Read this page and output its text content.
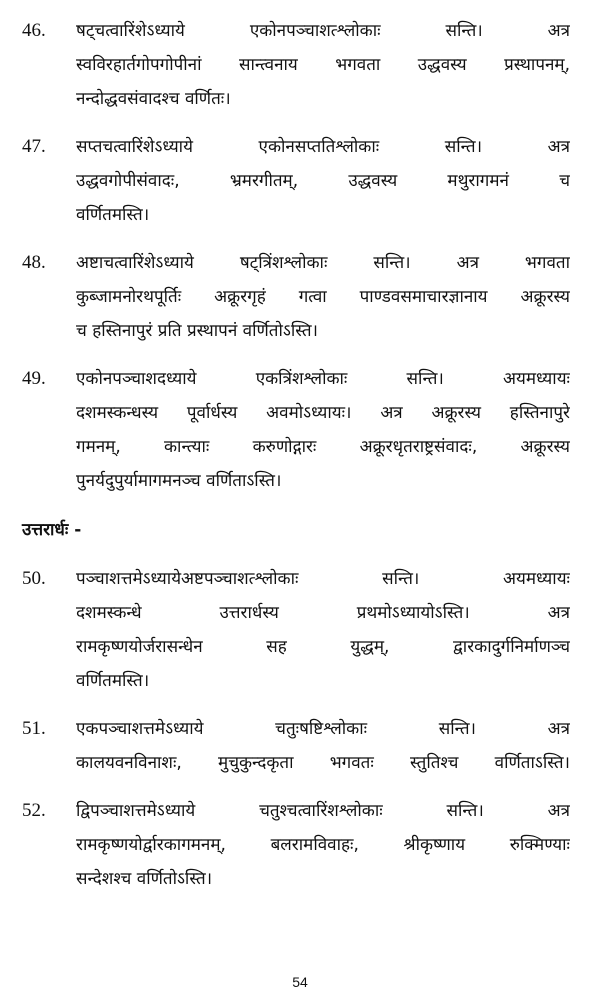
46.	षट्चत्वारिंशेऽध्याये एकोनपञ्चाशत्श्लोकाः सन्ति। अत्र
स्वविरहार्तगोपगोपीनां सान्त्वनाय भगवता उद्धवस्य प्रस्थापनम्,
नन्दोद्धवसंवादश्च वर्णितः।
47.	सप्तचत्वारिंशेऽध्याये एकोनसप्ततिश्लोकाः सन्ति। अत्र
उद्धवगोपीसंवादः, भ्रमरगीतम्, उद्धवस्य मथुरागमनं च
वर्णितमस्ति।
48.	अष्टाचत्वारिंशेऽध्याये षट्त्रिंशश्लोकाः सन्ति। अत्र भगवता
कुब्जामनोरथपूर्तिः अक्रूरगृहं गत्वा पाण्डवसमाचारज्ञानाय अक्रूरस्य
च हस्तिनापुरं प्रति प्रस्थापनं वर्णितोऽस्ति।
49.	एकोनपञ्चाशदध्याये एकत्रिंशश्लोकाः सन्ति। अयमध्यायः
दशमस्कन्धस्य पूर्वार्धस्य अवमोऽध्यायः। अत्र अक्रूरस्य हस्तिनापुरे
गमनम्, कान्त्याः करुणोद्गारः अक्रूरधृतराष्ट्रसंवादः, अक्रूरस्य
पुनर्यदुपुर्यामागमनञ्च वर्णिताऽस्ति।
उत्तरार्धः -
50.	पञ्चाशत्तमेऽध्यायेअष्टपञ्चाशत्श्लोकाः सन्ति। अयमध्यायः
दशमस्कन्धे उत्तरार्धस्य प्रथमोऽध्यायोऽस्ति। अत्र
रामकृष्णयोर्जरासन्धेन सह युद्धम्, द्वारकादुर्गनिर्माणञ्च
वर्णितमस्ति।
51.	एकपञ्चाशत्तमेऽध्याये चतुःषष्टिश्लोकाः सन्ति। अत्र
कालयवनविनाशः, मुचुकुन्दकृता भगवतः स्तुतिश्च वर्णिताऽस्ति।
52.	द्विपञ्चाशत्तमेऽध्याये चतुश्चत्वारिंशश्लोकाः सन्ति। अत्र
रामकृष्णयोर्द्वारकागमनम्, बलरामविवाहः, श्रीकृष्णाय रुक्मिण्याः
सन्देशश्च वर्णितोऽस्ति।
54
